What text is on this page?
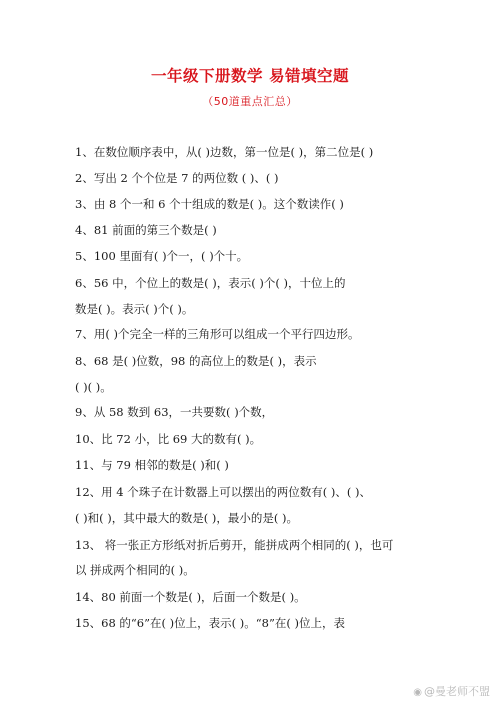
一年级下册数学 易错填空题
（50道重点汇总）
1、在数位顺序表中，从( )边数，第一位是( )，第二位是( )
2、写出 2 个个位是 7 的两位数 ( )、( )
3、由 8 个一和 6 个十组成的数是( )。这个数读作( )
4、81 前面的第三个数是( )
5、100 里面有( )个一，( )个十。
6、56 中，个位上的数是( )，表示( )个( )，十位上的
数是( )。表示( )个( )。
7、用( )个完全一样的三角形可以组成一个平行四边形。
8、68 是( )位数，98 的高位上的数是( )，表示
( )( )。
9、从 58 数到 63，一共要数( )个数，
10、比 72 小，比 69 大的数有( )。
11、与 79 相邻的数是( )和( )
12、用 4 个珠子在计数器上可以摆出的两位数有( )、( )、
( )和( )，其中最大的数是( )，最小的是( )。
13、 将一张正方形纸对折后剪开，能拼成两个相同的( )，也可
以 拼成两个相同的( )。
14、80 前面一个数是( )，后面一个数是( )。
15、68 的“6”在( )位上，表示( )。“8”在( )位上，表
◉ @曼老师不盟
